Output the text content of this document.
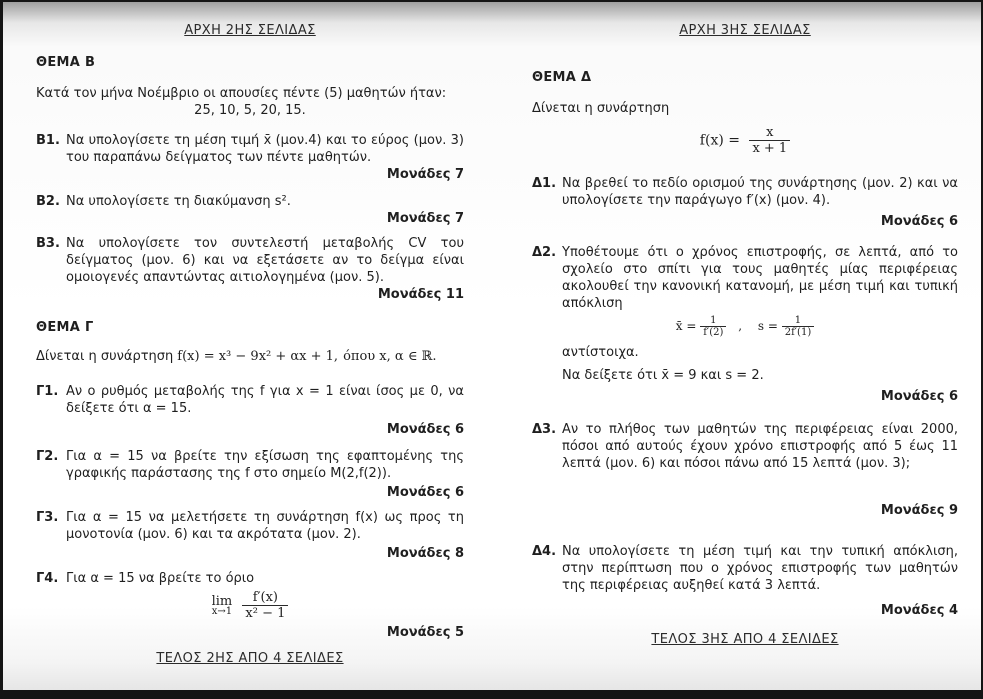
ΑΡΧΗ 2ΗΣ ΣΕΛΙΔΑΣ
ΘΕΜΑ Β
Κατά τον μήνα Νοέμβριο οι απουσίες πέντε (5) μαθητών ήταν:
25, 10, 5, 20, 15.
Β1. Να υπολογίσετε τη μέση τιμή x̄ (μον.4) και το εύρος (μον. 3) του παραπάνω δείγματος των πέντε μαθητών.
Μονάδες 7
Β2. Να υπολογίσετε τη διακύμανση s².
Μονάδες 7
Β3. Να υπολογίσετε τον συντελεστή μεταβολής CV του δείγματος (μον. 6) και να εξετάσετε αν το δείγμα είναι ομοιογενές απαντώντας αιτιολογημένα (μον. 5).
Μονάδες 11
ΘΕΜΑ Γ
Δίνεται η συνάρτηση f(x) = x³ − 9x² + αx + 1, όπου x, α ∈ ℝ.
Γ1. Αν ο ρυθμός μεταβολής της f για x = 1 είναι ίσος με 0, να δείξετε ότι α = 15.
Μονάδες 6
Γ2. Για α = 15 να βρείτε την εξίσωση της εφαπτομένης της γραφικής παράστασης της f στο σημείο M(2,f(2)).
Μονάδες 6
Γ3. Για α = 15 να μελετήσετε τη συνάρτηση f(x) ως προς τη μονοτονία (μον. 6) και τα ακρότατα (μον. 2).
Μονάδες 8
Γ4. Για α = 15 να βρείτε το όριο
lim
x→1
$\frac{f'(x)}{\text{x² − 1}}$
Μονάδες 5
ΤΕΛΟΣ 2ΗΣ ΑΠΟ 4 ΣΕΛΙΔΕΣ
ΑΡΧΗ 3ΗΣ ΣΕΛΙΔΑΣ
ΘΕΜΑ Δ
Δίνεται η συνάρτηση
$f(x) = \frac{x}{x + 1}$
Δ1. Να βρεθεί το πεδίο ορισμού της συνάρτησης (μον. 2) και να υπολογίσετε την παράγωγο f′(x) (μον. 4).
Μονάδες 6
Δ2. Υποθέτουμε ότι ο χρόνος επιστροφής, σε λεπτά, από το σχολείο στο σπίτι για τους μαθητές μίας περιφέρειας ακολουθεί την κανονική κατανομή, με μέση τιμή και τυπική απόκλιση
x̄ = $\frac{1}{f'(2)}$ , $s = \frac{1}{2f'(1)}$
αντίστοιχα.
Να δείξετε ότι x̄ = 9 και s = 2.
Μονάδες 6
Δ3. Αν το πλήθος των μαθητών της περιφέρειας είναι 2000, πόσοι από αυτούς έχουν χρόνο επιστροφής από 5 έως 11 λεπτά (μον. 6) και πόσοι πάνω από 15 λεπτά (μον. 3);
Μονάδες 9
Δ4. Να υπολογίσετε τη μέση τιμή και την τυπική απόκλιση, στην περίπτωση που ο χρόνος επιστροφής των μαθητών της περιφέρειας αυξηθεί κατά 3 λεπτά.
Μονάδες 4
ΤΕΛΟΣ 3ΗΣ ΑΠΟ 4 ΣΕΛΙΔΕΣ
